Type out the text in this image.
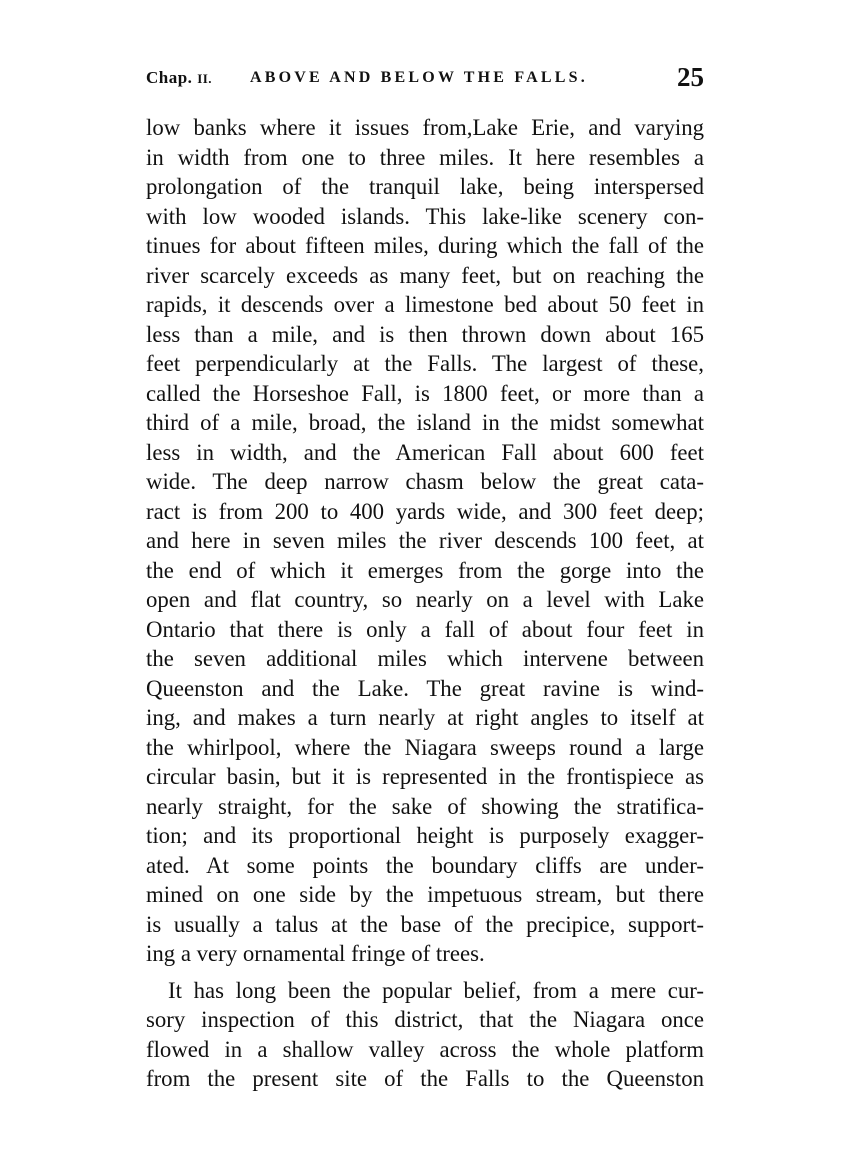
Chap. II. ABOVE AND BELOW THE FALLS.	25
low banks where it issues from,Lake Erie, and varying
in width from one to three miles. It here resembles a
prolongation of the tranquil lake, being interspersed
with low wooded islands. This lake-like scenery con-
tinues for about fifteen miles, during which the fall of the
river scarcely exceeds as many feet, but on reaching the
rapids, it descends over a limestone bed about 50 feet in
less than a mile, and is then thrown down about 165
feet perpendicularly at the Falls. The largest of these,
called the Horseshoe Fall, is 1800 feet, or more than a
third of a mile, broad, the island in the midst somewhat
less in width, and the American Fall about 600 feet
wide. The deep narrow chasm below the great cata-
ract is from 200 to 400 yards wide, and 300 feet deep;
and here in seven miles the river descends 100 feet, at
the end of which it emerges from the gorge into the
open and flat country, so nearly on a level with Lake
Ontario that there is only a fall of about four feet in
the seven additional miles which intervene between
Queenston and the Lake. The great ravine is wind-
ing, and makes a turn nearly at right angles to itself at
the whirlpool, where the Niagara sweeps round a large
circular basin, but it is represented in the frontispiece as
nearly straight, for the sake of showing the stratifica-
tion; and its proportional height is purposely exagger-
ated. At some points the boundary cliffs are under-
mined on one side by the impetuous stream, but there
is usually a talus at the base of the precipice, support-
ing a very ornamental fringe of trees.
It has long been the popular belief, from a mere cur-
sory inspection of this district, that the Niagara once
flowed in a shallow valley across the whole platform
from the present site of the Falls to the Queenston
